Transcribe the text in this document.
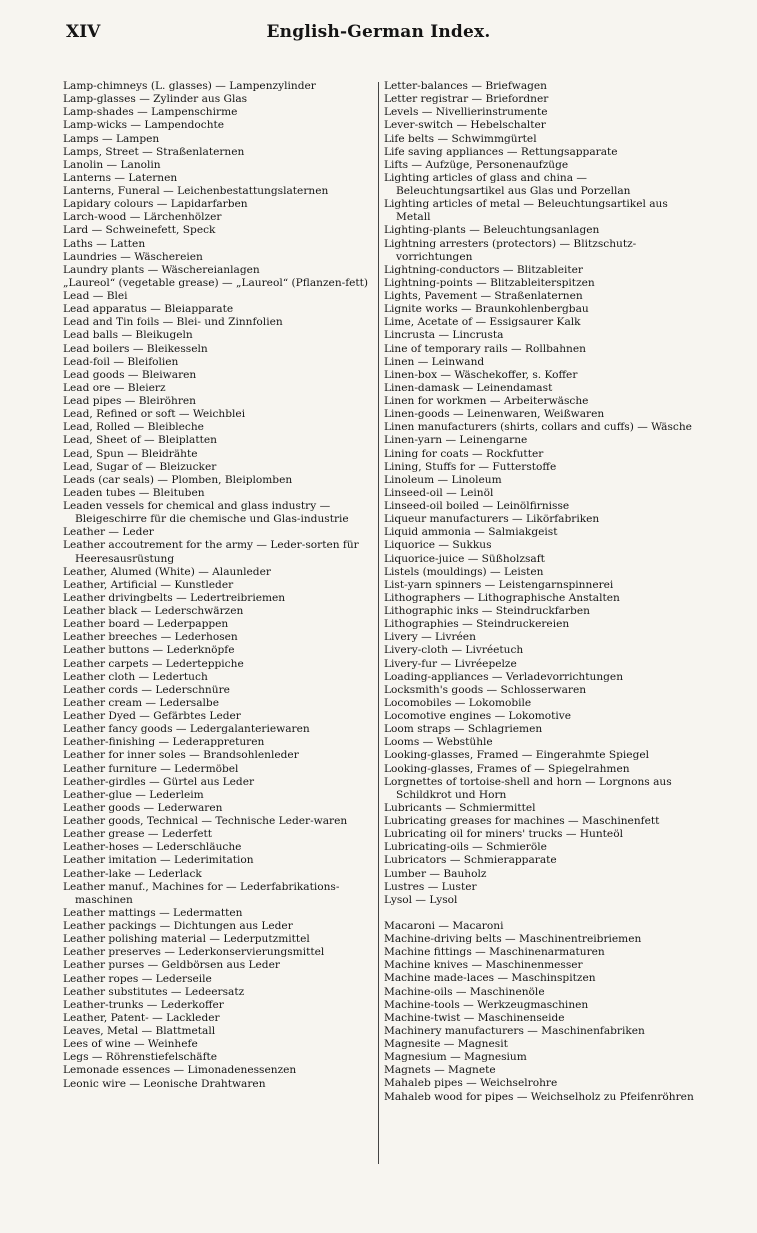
English-German Index.
XIV
Lamp-chimneys (L. glasses) — Lampenzylinder
Lamp-glasses — Zylinder aus Glas
Lamp-shades — Lampenschirme
Lamp-wicks — Lampendochte
Lamps — Lampen
Lamps, Street — Straßenlaternen
Lanolin — Lanolin
Lanterns — Laternen
Lanterns, Funeral — Leichenbestattungslaternen
Lapidary colours — Lapidarfarben
Larch-wood — Lärchenhölzer
Lard — Schweinefett, Speck
Laths — Latten
Laundries — Wäschereien
Laundry plants — Wäschereianlagen
„Laureol“ (vegetable grease) — „Laureol“ (Pflanzen-fett)
Lead — Blei
Lead apparatus — Bleiapparate
Lead and Tin foils — Blei- und Zinnfolien
Lead balls — Bleikugeln
Lead boilers — Bleikesseln
Lead-foil — Bleifolien
Lead goods — Bleiwaren
Lead ore — Bleierz
Lead pipes — Bleiröhren
Lead, Refined or soft — Weichblei
Lead, Rolled — Bleibleche
Lead, Sheet of — Bleiplatten
Lead, Spun — Bleidrähte
Lead, Sugar of — Bleizucker
Leads (car seals) — Plomben, Bleiplomben
Leaden tubes — Bleituben
Leaden vessels for chemical and glass industry — Bleigeschirre für die chemische und Glas-industrie
Leather — Leder
Leather accoutrement for the army — Leder-sorten für Heeresausrüstung
Leather, Alumed (White) — Alaunleder
Leather, Artificial — Kunstleder
Leather drivingbelts — Ledertreibriemen
Leather black — Lederschwärzen
Leather board — Lederpappen
Leather breeches — Lederhosen
Leather buttons — Lederknöpfe
Leather carpets — Lederteppiche
Leather cloth — Ledertuch
Leather cords — Lederschnüre
Leather cream — Ledersalbe
Leather Dyed — Gefärbtes Leder
Leather fancy goods — Ledergalanteriewaren
Leather-finishing — Lederappreturen
Leather for inner soles — Brandsohlenleder
Leather furniture — Ledermöbel
Leather-girdles — Gürtel aus Leder
Leather-glue — Lederleim
Leather goods — Lederwaren
Leather goods, Technical — Technische Leder-waren
Leather grease — Lederfett
Leather-hoses — Lederschläuche
Leather imitation — Lederimitation
Leather-lake — Lederlack
Leather manuf., Machines for — Lederfabrikations-maschinen
Leather mattings — Ledermatten
Leather packings — Dichtungen aus Leder
Leather polishing material — Lederputzmittel
Leather preserves — Lederkonservierungsmittel
Leather purses — Geldbörsen aus Leder
Leather ropes — Lederseile
Leather substitutes — Ledeersatz
Leather-trunks — Lederkoffer
Leather, Patent- — Lackleder
Leaves, Metal — Blattmetall
Lees of wine — Weinhefe
Legs — Röhrenstiefelschäfte
Lemonade essences — Limonadenessenzen
Leonic wire — Leonische Drahtwaren
Letter-balances — Briefwagen
Letter registrar — Briefordner
Levels — Nivellierinstrumente
Lever-switch — Hebelschalter
Life belts — Schwimmgürtel
Life saving appliances — Rettungsapparate
Lifts — Aufzüge, Personenaufzüge
Lighting articles of glass and china — Beleuchtungsartikel aus Glas und Porzellan
Lighting articles of metal — Beleuchtungsartikel aus Metall
Lighting-plants — Beleuchtungsanlagen
Lightning arresters (protectors) — Blitzschutz-vorrichtungen
Lightning-conductors — Blitzableiter
Lightning-points — Blitzableiterspitzen
Lights, Pavement — Straßenlaternen
Lignite works — Braunkohlenbergbau
Lime, Acetate of — Essigsaurer Kalk
Lincrusta — Lincrusta
Line of temporary rails — Rollbahnen
Linen — Leinwand
Linen-box — Wäschekoffer, s. Koffer
Linen-damask — Leinendamast
Linen for workmen — Arbeiterwäsche
Linen-goods — Leinenwaren, Weißwaren
Linen manufacturers (shirts, collars and cuffs) — Wäsche
Linen-yarn — Leinengarne
Lining for coats — Rockfutter
Lining, Stuffs for — Futterstoffe
Linoleum — Linoleum
Linseed-oil — Leinöl
Linseed-oil boiled — Leinölfirnisse
Liqueur manufacturers — Likörfabriken
Liquid ammonia — Salmiakgeist
Liquorice — Sukkus
Liquorice-juice — Süßholzsaft
Listels (mouldings) — Leisten
List-yarn spinners — Leistengarnspinnerei
Lithographers — Lithographische Anstalten
Lithographic inks — Steindruckfarben
Lithographies — Steindruckereien
Livery — Livréen
Livery-cloth — Livréetuch
Livery-fur — Livréepelze
Loading-appliances — Verladevorrichtungen
Locksmith's goods — Schlosserwaren
Locomobiles — Lokomobile
Locomotive engines — Lokomotive
Loom straps — Schlagriemen
Looms — Webstühle
Looking-glasses, Framed — Eingerahmte Spiegel
Looking-glasses, Frames of — Spiegelrahmen
Lorgnettes of tortoise-shell and horn — Lorgnons aus Schildkrot und Horn
Lubricants — Schmiermittel
Lubricating greases for machines — Maschinenfett
Lubricating oil for miners' trucks — Hunteöl
Lubricating-oils — Schmieröle
Lubricators — Schmierapparate
Lumber — Bauholz
Lustres — Luster
Lysol — Lysol
Macaroni — Macaroni
Machine-driving belts — Maschinentreibriemen
Machine fittings — Maschinenarmaturen
Machine knives — Maschinenmesser
Machine made-laces — Maschinspitzen
Machine-oils — Maschinenöle
Machine-tools — Werkzeugmaschinen
Machine-twist — Maschinenseide
Machinery manufacturers — Maschinenfabriken
Magnesite — Magnesit
Magnesium — Magnesium
Magnets — Magnete
Mahaleb pipes — Weichselrohre
Mahaleb wood for pipes — Weichselholz zu Pfeifenröhren
